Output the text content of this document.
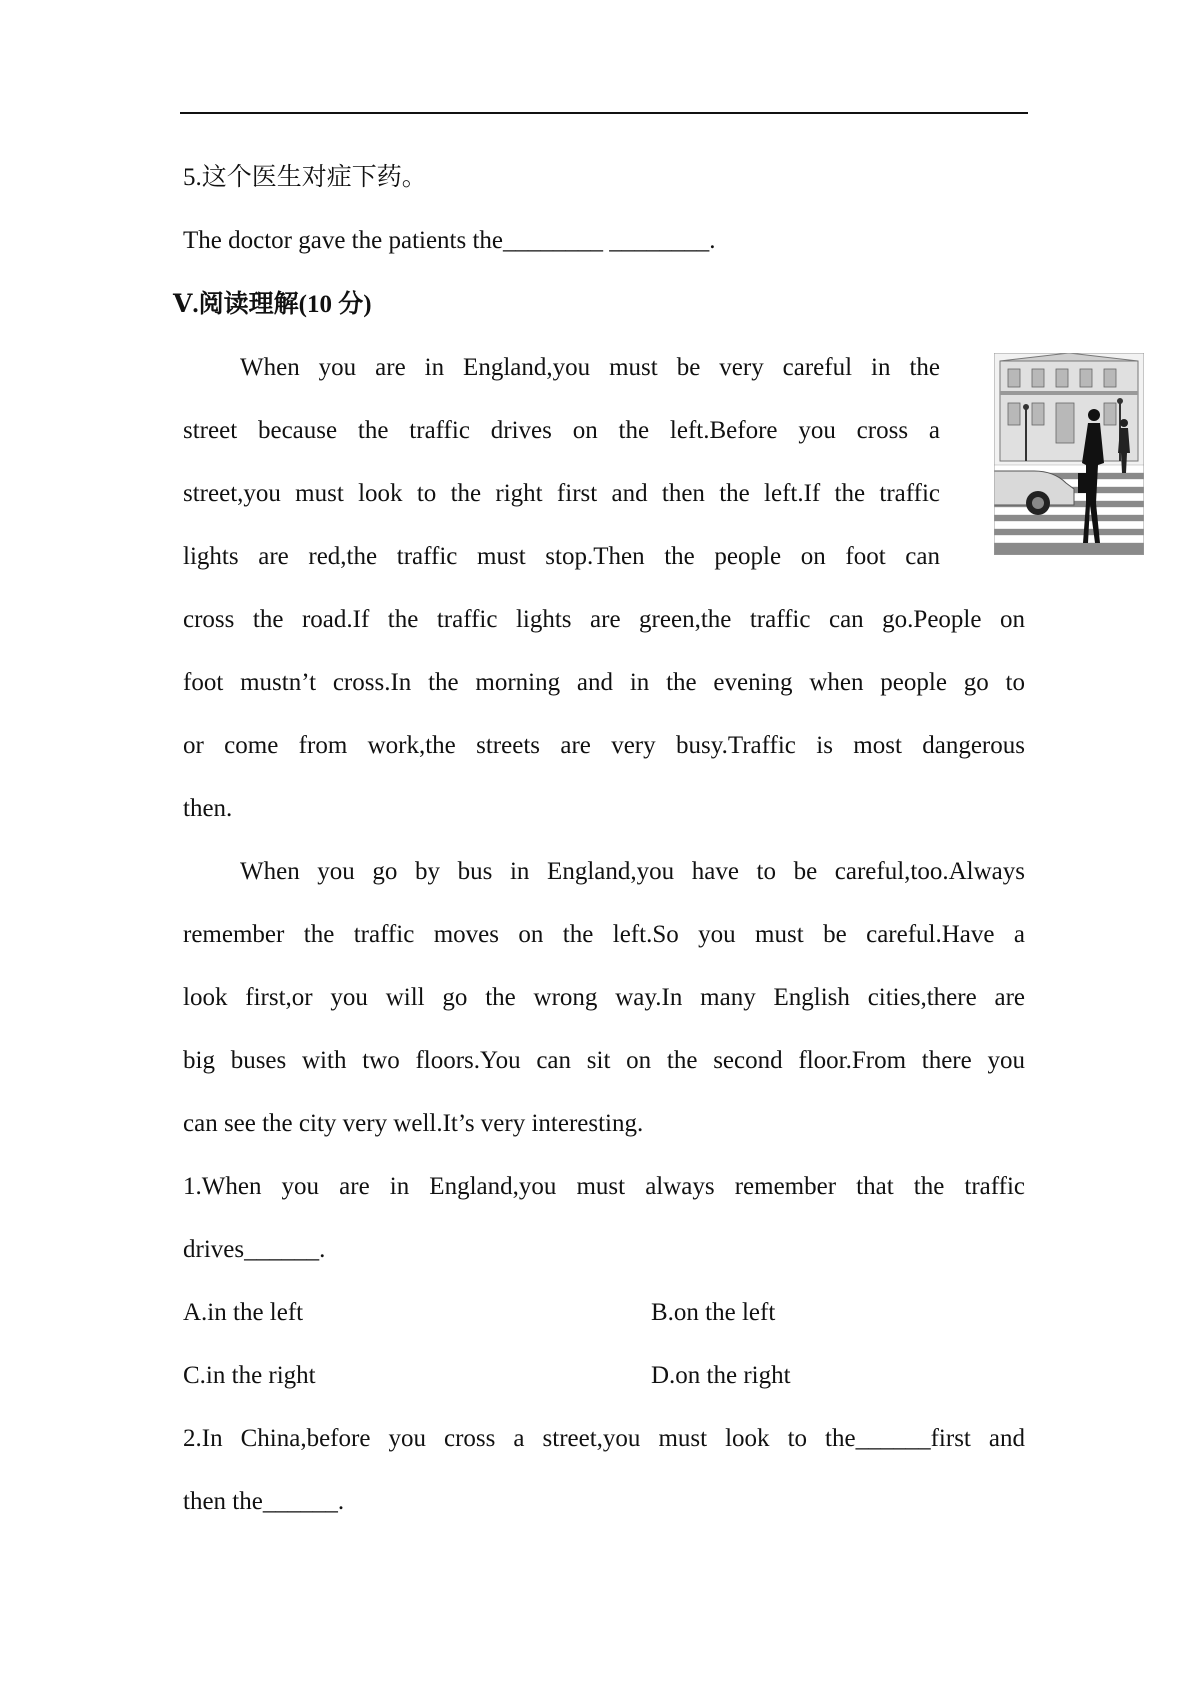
5.这个医生对症下药。
The doctor gave the patients the________ ________.
Ⅴ.阅读理解(10 分)
When you are in England,you must be very careful in the
street because the traffic drives on the left.Before you cross a
street,you must look to the right first and then the left.If the traffic
lights are red,the traffic must stop.Then the people on foot can
cross the road.If the traffic lights are green,the traffic can go.People on
foot mustn’t cross.In the morning and in the evening when people go to
or come from work,the streets are very busy.Traffic is most dangerous
then.
When you go by bus in England,you have to be careful,too.Always
remember the traffic moves on the left.So you must be careful.Have a
look first,or you will go the wrong way.In many English cities,there are
big buses with two floors.You can sit on the second floor.From there you
can see the city very well.It’s very interesting.
1.When you are in England,you must always remember that the traffic
drives______.
A.in the left	B.on the left
C.in the right	D.on the right
2.In China,before you cross a street,you must look to the______first and
then the______.
